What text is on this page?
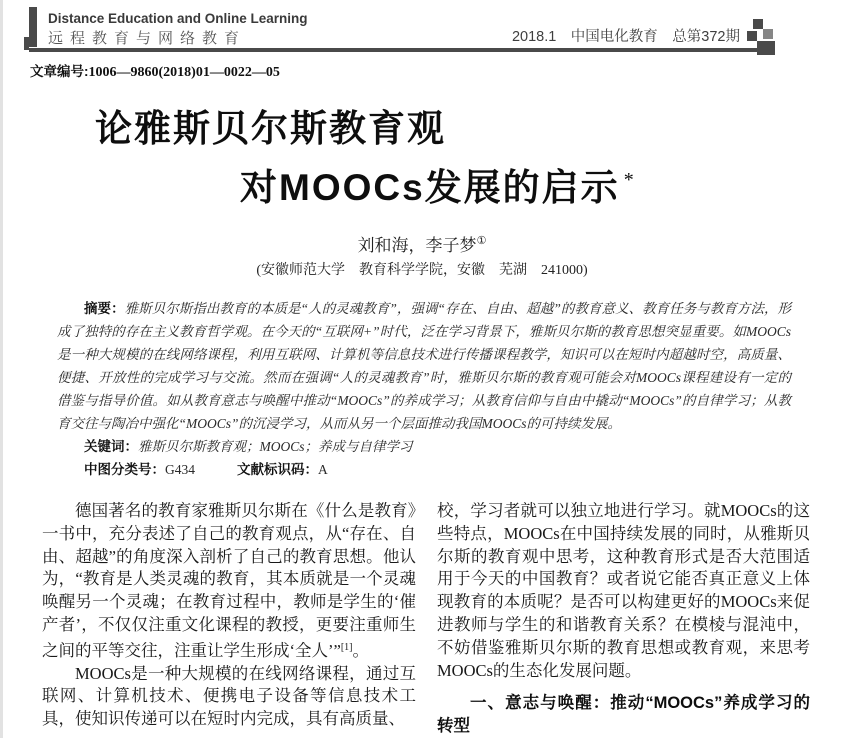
Distance Education and Online Learning
远程教育与网络教育	2018.1　中国电化教育　总第372期
文章编号:1006—9860(2018)01—0022—05
论雅斯贝尔斯教育观
对MOOCs发展的启示 *
刘和海，李子梦①
(安徽师范大学　教育科学学院，安徽　芜湖　241000)

摘要：雅斯贝尔斯指出教育的本质是“人的灵魂教育”，强调“存在、自由、超越”的教育意义、教育任务与教育方法，形成了独特的存在主义教育哲学观。在今天的“互联网+”时代，泛在学习背景下，雅斯贝尔斯的教育思想突显重要。如MOOCs是一种大规模的在线网络课程，利用互联网、计算机等信息技术进行传播课程教学，知识可以在短时内超越时空，高质量、便捷、开放性的完成学习与交流。然而在强调“人的灵魂教育”时，雅斯贝尔斯的教育观可能会对MOOCs课程建设有一定的借鉴与指导价值。如从教育意志与唤醒中推动“MOOCs”的养成学习；从教育信仰与自由中撬动“MOOCs”的自律学习；从教育交往与陶冶中强化“MOOCs”的沉浸学习，从而从另一个层面推动我国MOOCs的可持续发展。

关键词：雅斯贝尔斯教育观；MOOCs；养成与自律学习

中图分类号：G434	文献标识码：A

德国著名的教育家雅斯贝尔斯在《什么是教育》一书中，充分表述了自己的教育观点，从“存在、自由、超越”的角度深入剖析了自己的教育思想。他认为，“教育是人类灵魂的教育，其本质就是一个灵魂唤醒另一个灵魂；在教育过程中，教师是学生的‘催产者’，不仅仅注重文化课程的教授，更要注重师生之间的平等交往，注重让学生形成‘全人’”[1]。

MOOCs是一种大规模的在线网络课程，通过互联网、计算机技术、便携电子设备等信息技术工具，使知识传递可以在短时内完成，具有高质量、

校，学习者就可以独立地进行学习。就MOOCs的这些特点，MOOCs在中国持续发展的同时，从雅斯贝尔斯的教育观中思考，这种教育形式是否大范围适用于今天的中国教育？或者说它能否真正意义上体现教育的本质呢？是否可以构建更好的MOOCs来促进教师与学生的和谐教育关系？在模棱与混沌中，不妨借鉴雅斯贝尔斯的教育思想或教育观，来思考MOOCs的生态化发展问题。

一、意志与唤醒：推动“MOOCs”养成学习的转型
